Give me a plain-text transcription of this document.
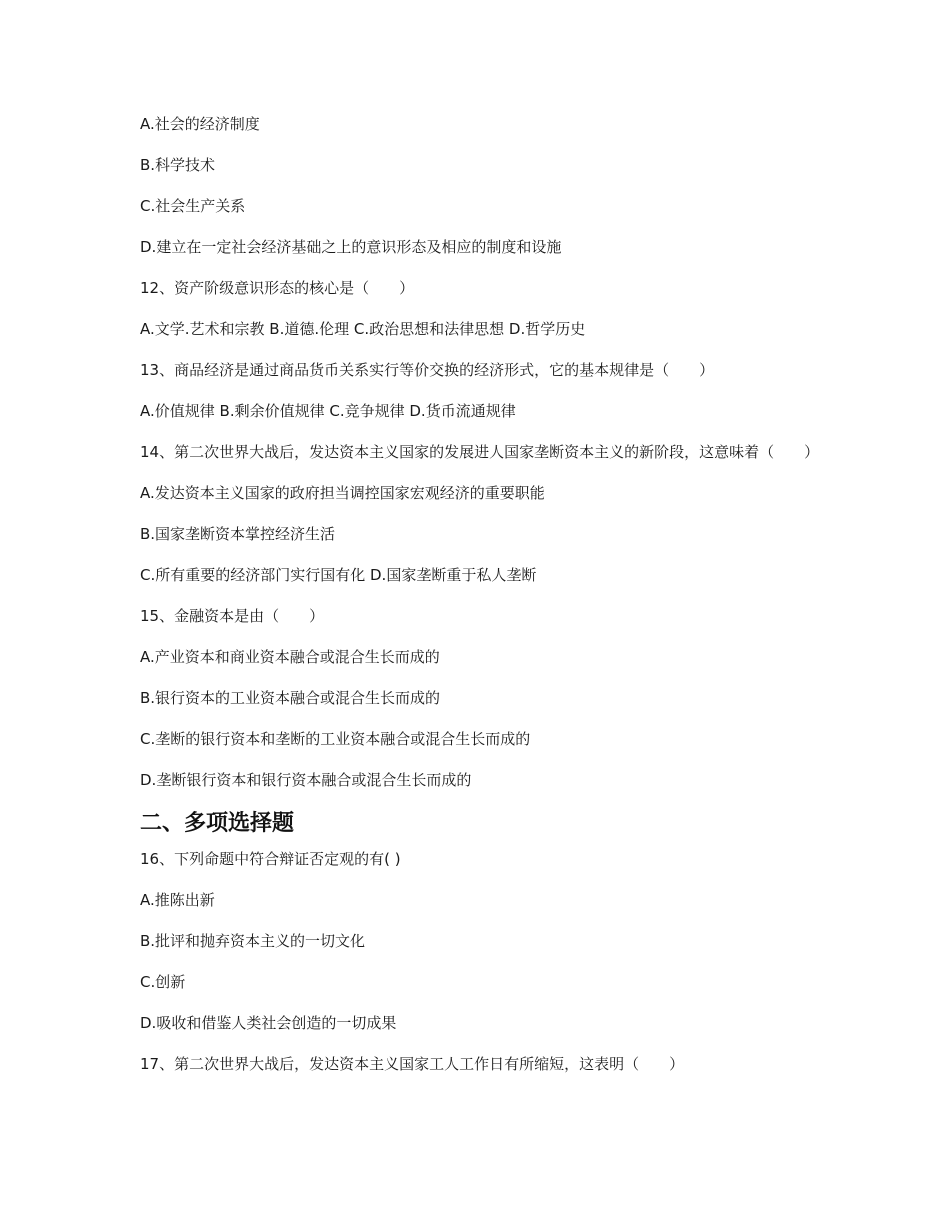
A.社会的经济制度

B.科学技术

C.社会生产关系

D.建立在一定社会经济基础之上的意识形态及相应的制度和设施

12、资产阶级意识形态的核心是（　　）

A.文学.艺术和宗教 B.道德.伦理 C.政治思想和法律思想 D.哲学历史

13、商品经济是通过商品货币关系实行等价交换的经济形式，它的基本规律是（　　）

A.价值规律 B.剩余价值规律 C.竞争规律 D.货币流通规律

14、第二次世界大战后，发达资本主义国家的发展进人国家垄断资本主义的新阶段，这意味着（　　）

A.发达资本主义国家的政府担当调控国家宏观经济的重要职能

B.国家垄断资本掌控经济生活

C.所有重要的经济部门实行国有化 D.国家垄断重于私人垄断

15、金融资本是由（　　）

A.产业资本和商业资本融合或混合生长而成的

B.银行资本的工业资本融合或混合生长而成的

C.垄断的银行资本和垄断的工业资本融合或混合生长而成的

D.垄断银行资本和银行资本融合或混合生长而成的

二、多项选择题

16、下列命题中符合辩证否定观的有( )

A.推陈出新

B.批评和抛弃资本主义的一切文化

C.创新

D.吸收和借鉴人类社会创造的一切成果

17、第二次世界大战后，发达资本主义国家工人工作日有所缩短，这表明（　　）
